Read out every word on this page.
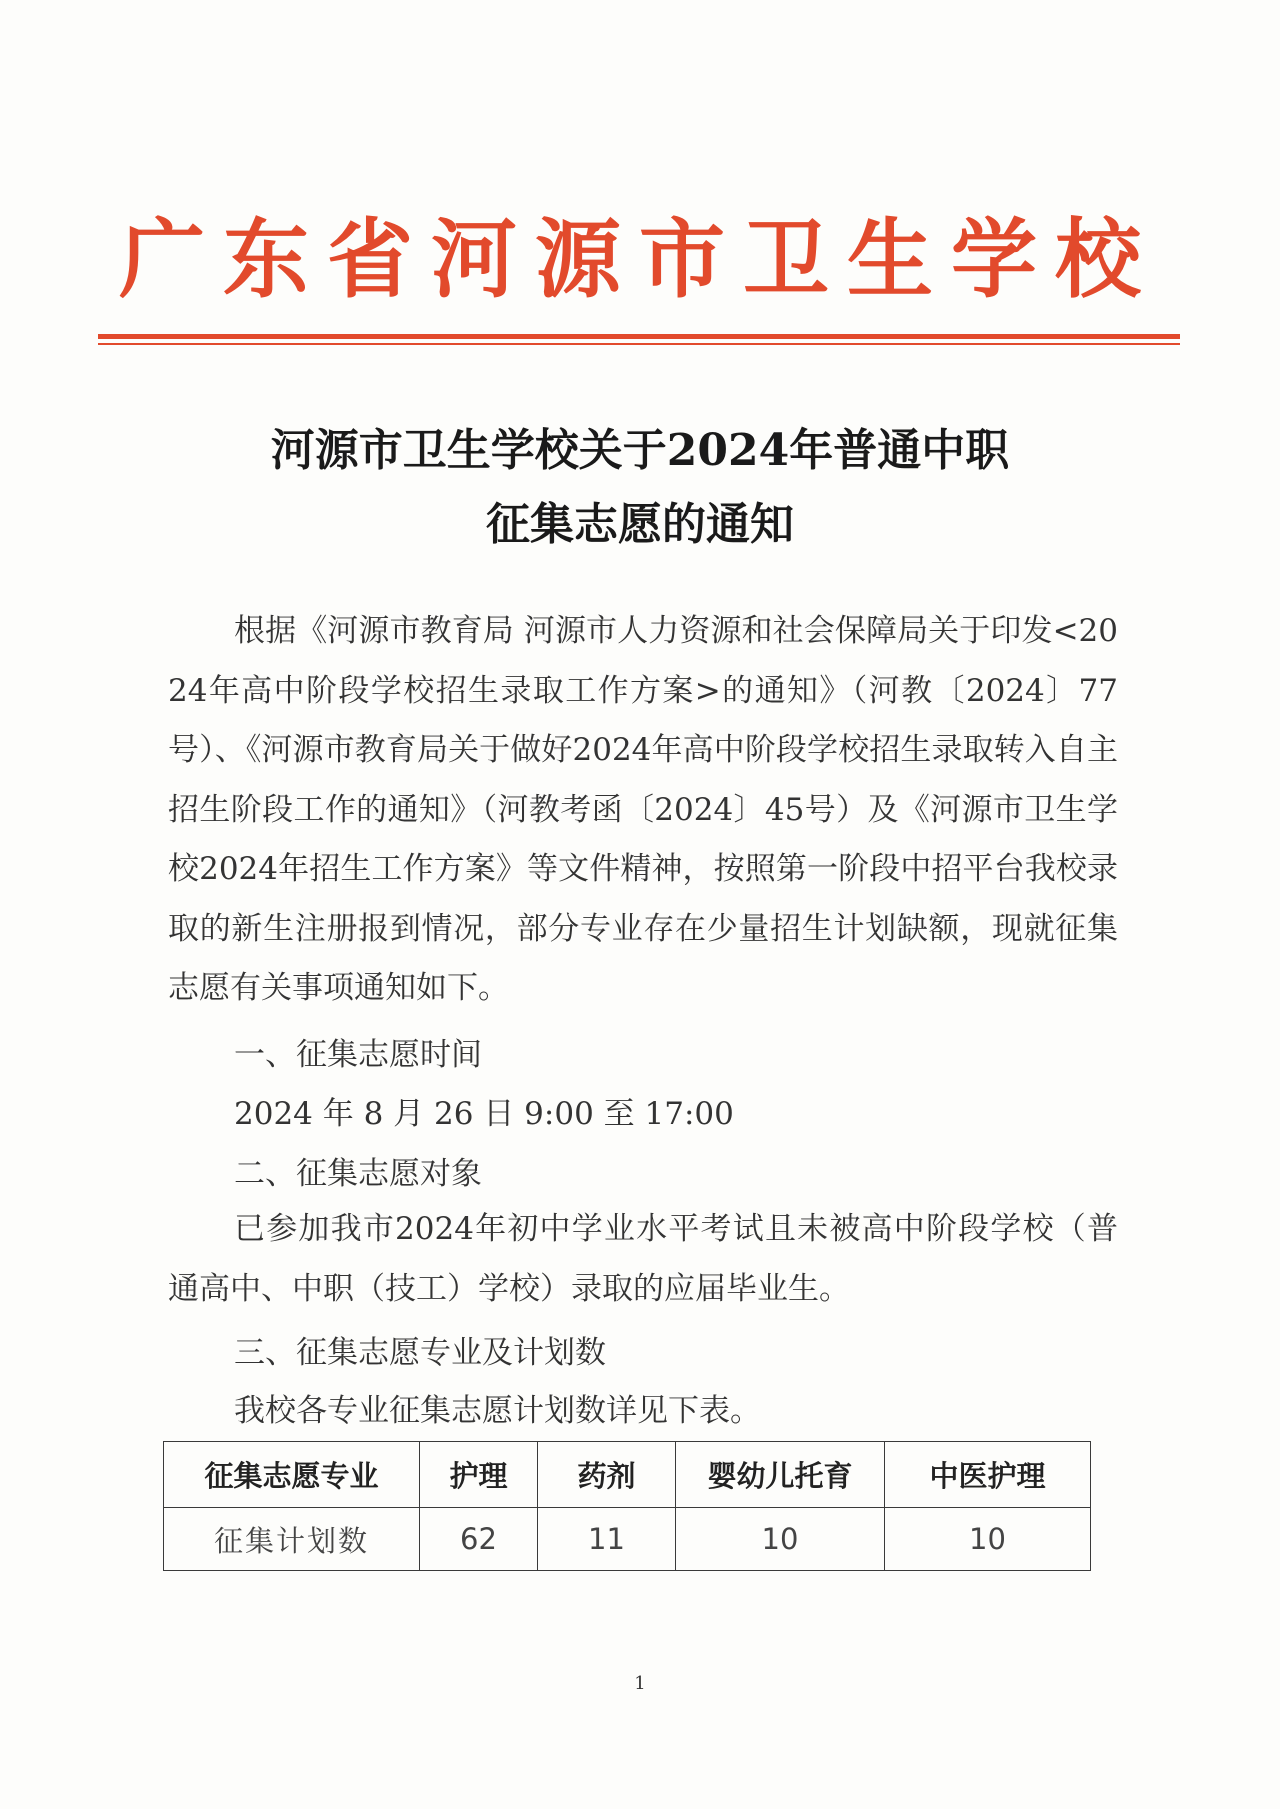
广东省河源市卫生学校
河源市卫生学校关于2024年普通中职
征集志愿的通知
根据《河源市教育局 河源市人力资源和社会保障局关于印发<2024年高中阶段学校招生录取工作方案>的通知》（河教〔2024〕77号）、《河源市教育局关于做好2024年高中阶段学校招生录取转入自主招生阶段工作的通知》（河教考函〔2024〕45号）及《河源市卫生学校2024年招生工作方案》等文件精神，按照第一阶段中招平台我校录取的新生注册报到情况，部分专业存在少量招生计划缺额，现就征集志愿有关事项通知如下。
一、征集志愿时间
2024 年 8 月 26 日 9:00 至 17:00
二、征集志愿对象
已参加我市2024年初中学业水平考试且未被高中阶段学校（普通高中、中职（技工）学校）录取的应届毕业生。
三、征集志愿专业及计划数
我校各专业征集志愿计划数详见下表。
征集志愿专业	护理	药剂	婴幼儿托育	中医护理
征集计划数	62	11	10	10
1
